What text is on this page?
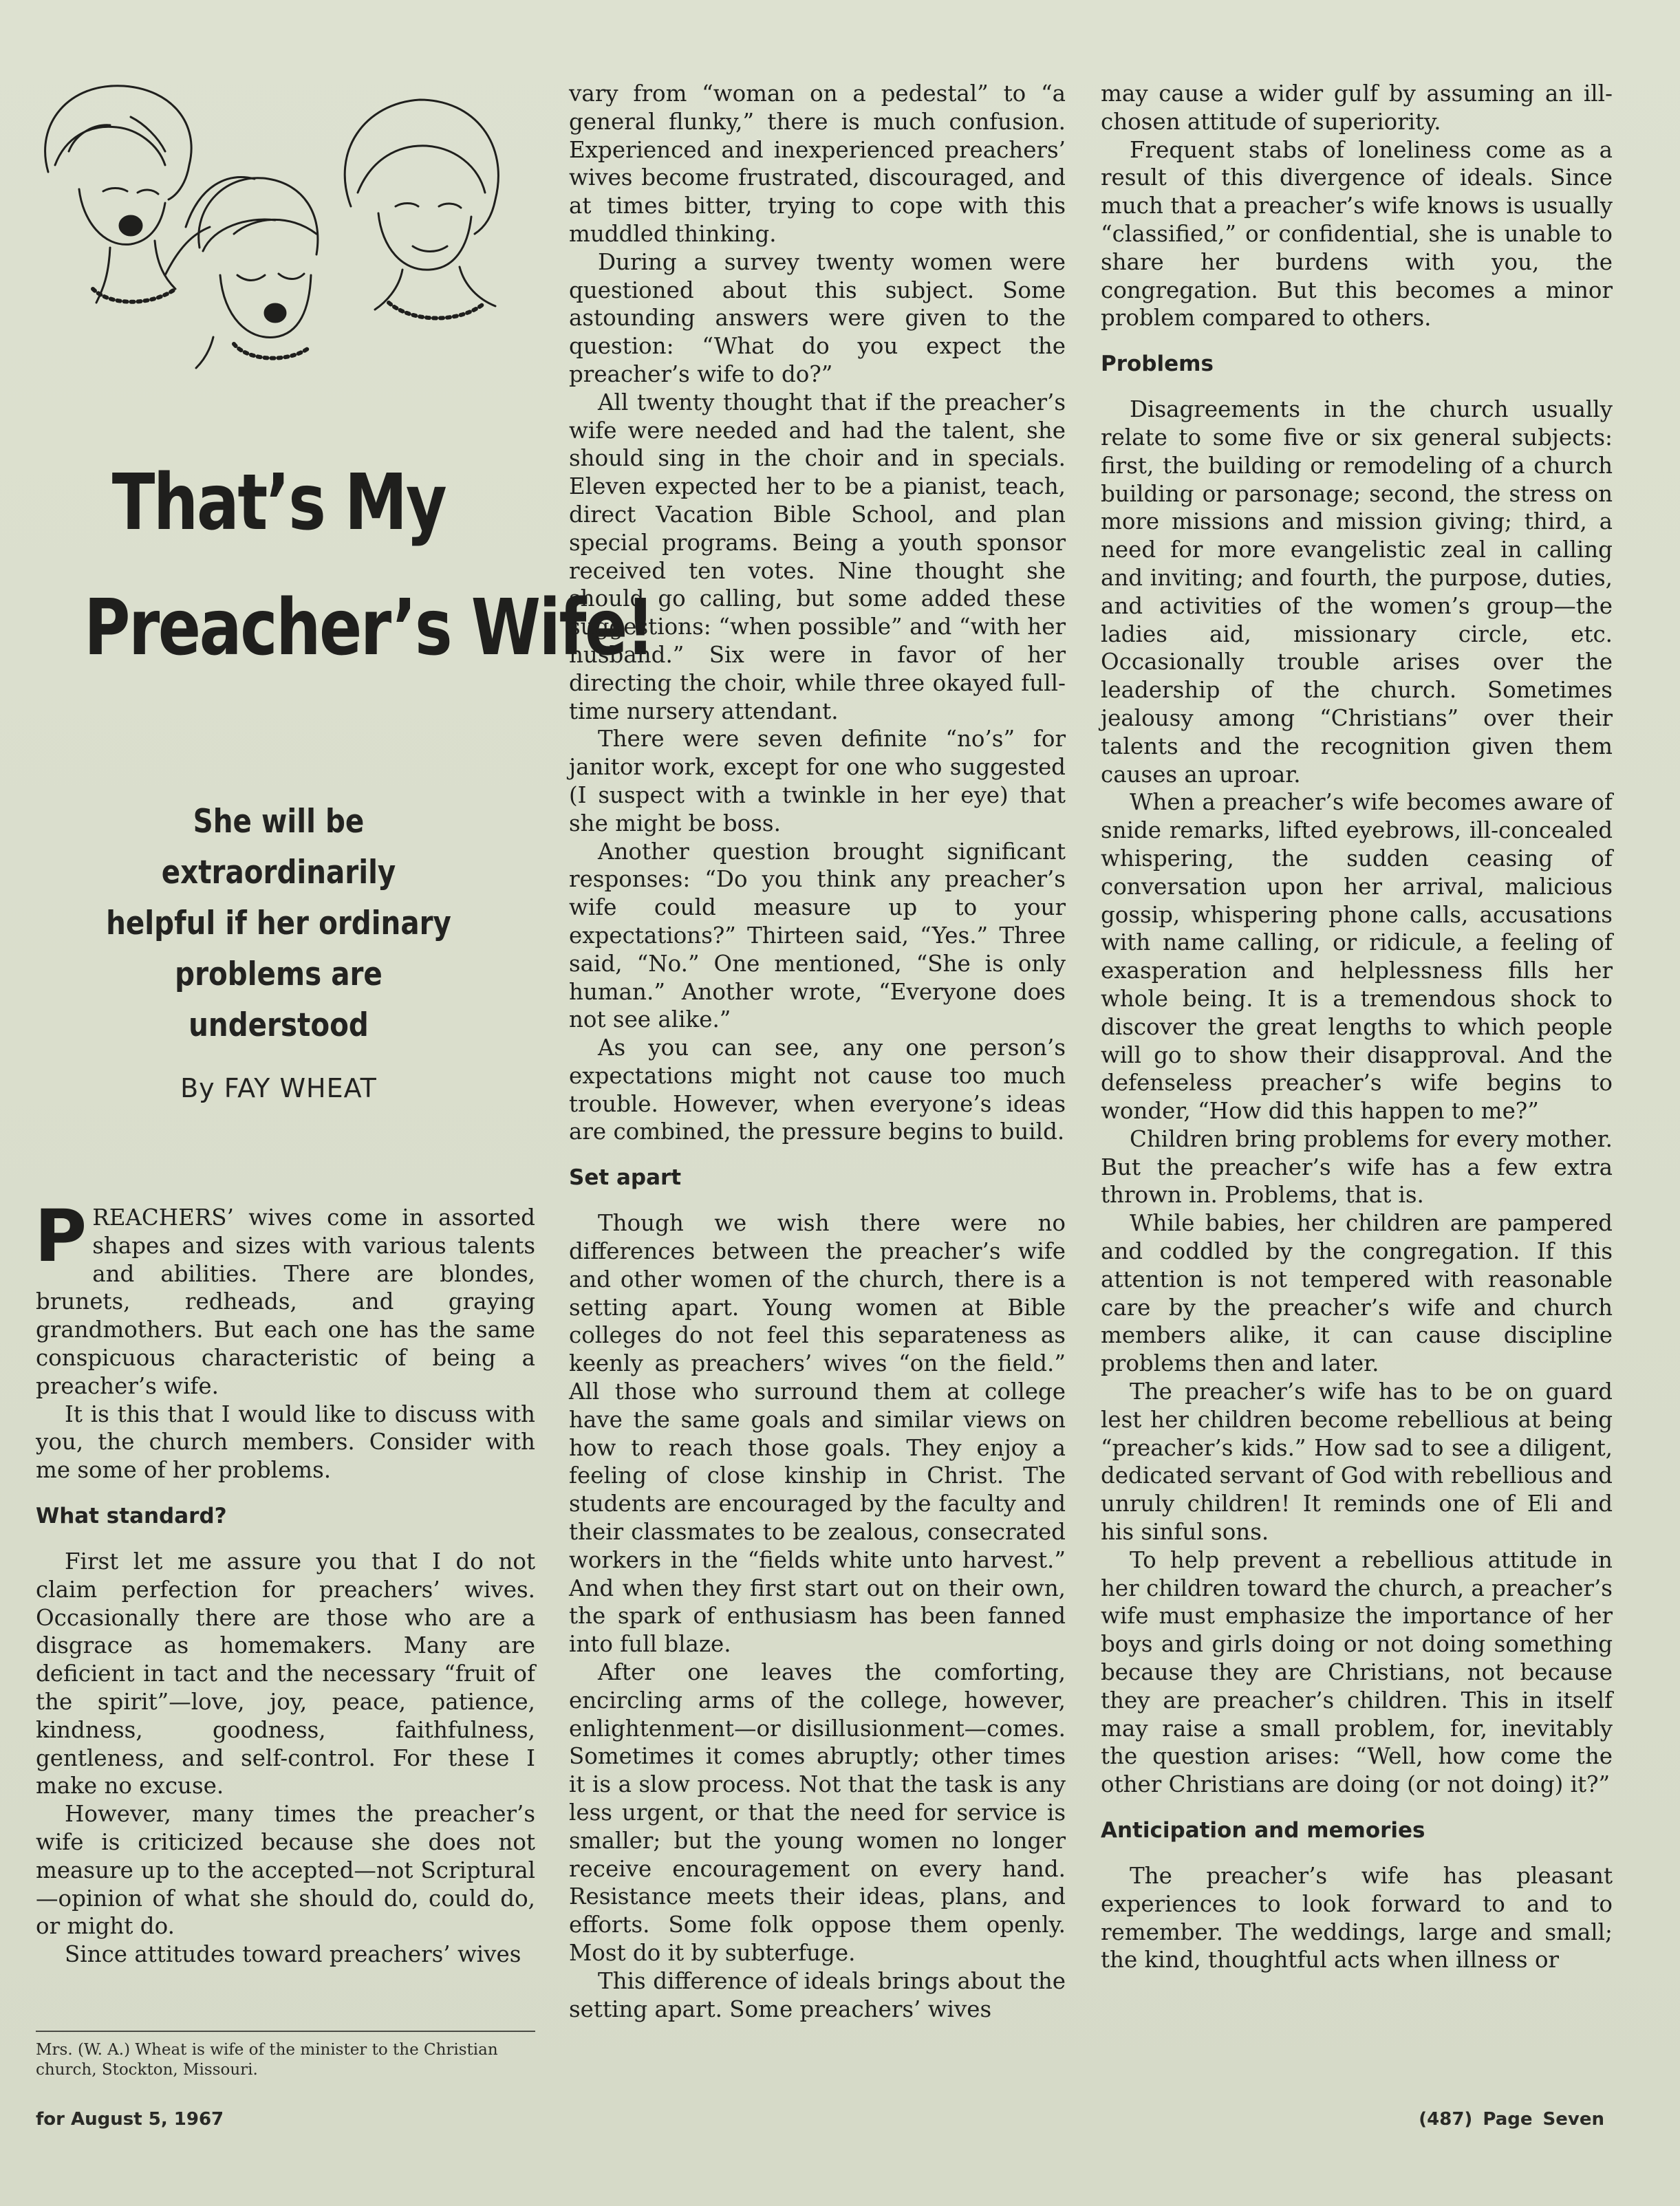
That’s My
Preacher’s Wife!
She will be extraordinarily
helpful if her ordinary
problems are understood
By FAY WHEAT

PREACHERS’ wives come in assorted shapes and sizes with various talents and abilities. There are blondes, brunets, redheads, and graying grandmothers. But each one has the same conspicuous characteristic of being a preacher’s wife.

It is this that I would like to discuss with you, the church members. Consider with me some of her problems.

What standard?

First let me assure you that I do not claim perfection for preachers’ wives. Occasionally there are those who are a disgrace as homemakers. Many are deficient in tact and the necessary “fruit of the spirit”—love, joy, peace, patience, kindness, goodness, faithfulness, gentleness, and self-control. For these I make no excuse.

However, many times the preacher’s wife is criticized because she does not measure up to the accepted—not Scriptural—opinion of what she should do, could do, or might do.

Since attitudes toward preachers’ wives

Mrs. (W. A.) Wheat is wife of the minister to the Christian church, Stockton, Missouri.

vary from “woman on a pedestal” to “a general flunky,” there is much confusion. Experienced and inexperienced preachers’ wives become frustrated, discouraged, and at times bitter, trying to cope with this muddled thinking.

During a survey twenty women were questioned about this subject. Some astounding answers were given to the question: “What do you expect the preacher’s wife to do?”

All twenty thought that if the preacher’s wife were needed and had the talent, she should sing in the choir and in specials. Eleven expected her to be a pianist, teach, direct Vacation Bible School, and plan special programs. Being a youth sponsor received ten votes. Nine thought she should go calling, but some added these suggestions: “when possible” and “with her husband.” Six were in favor of her directing the choir, while three okayed full-time nursery attendant.

There were seven definite “no’s” for janitor work, except for one who suggested (I suspect with a twinkle in her eye) that she might be boss.

Another question brought significant responses: “Do you think any preacher’s wife could measure up to your expectations?” Thirteen said, “Yes.” Three said, “No.” One mentioned, “She is only human.” Another wrote, “Everyone does not see alike.”

As you can see, any one person’s expectations might not cause too much trouble. However, when everyone’s ideas are combined, the pressure begins to build.

Set apart

Though we wish there were no differences between the preacher’s wife and other women of the church, there is a setting apart. Young women at Bible colleges do not feel this separateness as keenly as preachers’ wives “on the field.” All those who surround them at college have the same goals and similar views on how to reach those goals. They enjoy a feeling of close kinship in Christ. The students are encouraged by the faculty and their classmates to be zealous, consecrated workers in the “fields white unto harvest.” And when they first start out on their own, the spark of enthusiasm has been fanned into full blaze.

After one leaves the comforting, encircling arms of the college, however, enlightenment—or disillusionment—comes. Sometimes it comes abruptly; other times it is a slow process. Not that the task is any less urgent, or that the need for service is smaller; but the young women no longer receive encouragement on every hand. Resistance meets their ideas, plans, and efforts. Some folk oppose them openly. Most do it by subterfuge.

This difference of ideals brings about the setting apart. Some preachers’ wives

may cause a wider gulf by assuming an ill-chosen attitude of superiority.

Frequent stabs of loneliness come as a result of this divergence of ideals. Since much that a preacher’s wife knows is usually “classified,” or confidential, she is unable to share her burdens with you, the congregation. But this becomes a minor problem compared to others.

Problems

Disagreements in the church usually relate to some five or six general subjects: first, the building or remodeling of a church building or parsonage; second, the stress on more missions and mission giving; third, a need for more evangelistic zeal in calling and inviting; and fourth, the purpose, duties, and activities of the women’s group—the ladies aid, missionary circle, etc. Occasionally trouble arises over the leadership of the church. Sometimes jealousy among “Christians” over their talents and the recognition given them causes an uproar.

When a preacher’s wife becomes aware of snide remarks, lifted eyebrows, ill-concealed whispering, the sudden ceasing of conversation upon her arrival, malicious gossip, whispering phone calls, accusations with name calling, or ridicule, a feeling of exasperation and helplessness fills her whole being. It is a tremendous shock to discover the great lengths to which people will go to show their disapproval. And the defenseless preacher’s wife begins to wonder, “How did this happen to me?”

Children bring problems for every mother. But the preacher’s wife has a few extra thrown in. Problems, that is.

While babies, her children are pampered and coddled by the congregation. If this attention is not tempered with reasonable care by the preacher’s wife and church members alike, it can cause discipline problems then and later.

The preacher’s wife has to be on guard lest her children become rebellious at being “preacher’s kids.” How sad to see a diligent, dedicated servant of God with rebellious and unruly children! It reminds one of Eli and his sinful sons.

To help prevent a rebellious attitude in her children toward the church, a preacher’s wife must emphasize the importance of her boys and girls doing or not doing something because they are Christians, not because they are preacher’s children. This in itself may raise a small problem, for, inevitably the question arises: “Well, how come the other Christians are doing (or not doing) it?”

Anticipation and memories

The preacher’s wife has pleasant experiences to look forward to and to remember. The weddings, large and small; the kind, thoughtful acts when illness or

for August 5, 1967	(487) Page Seven
